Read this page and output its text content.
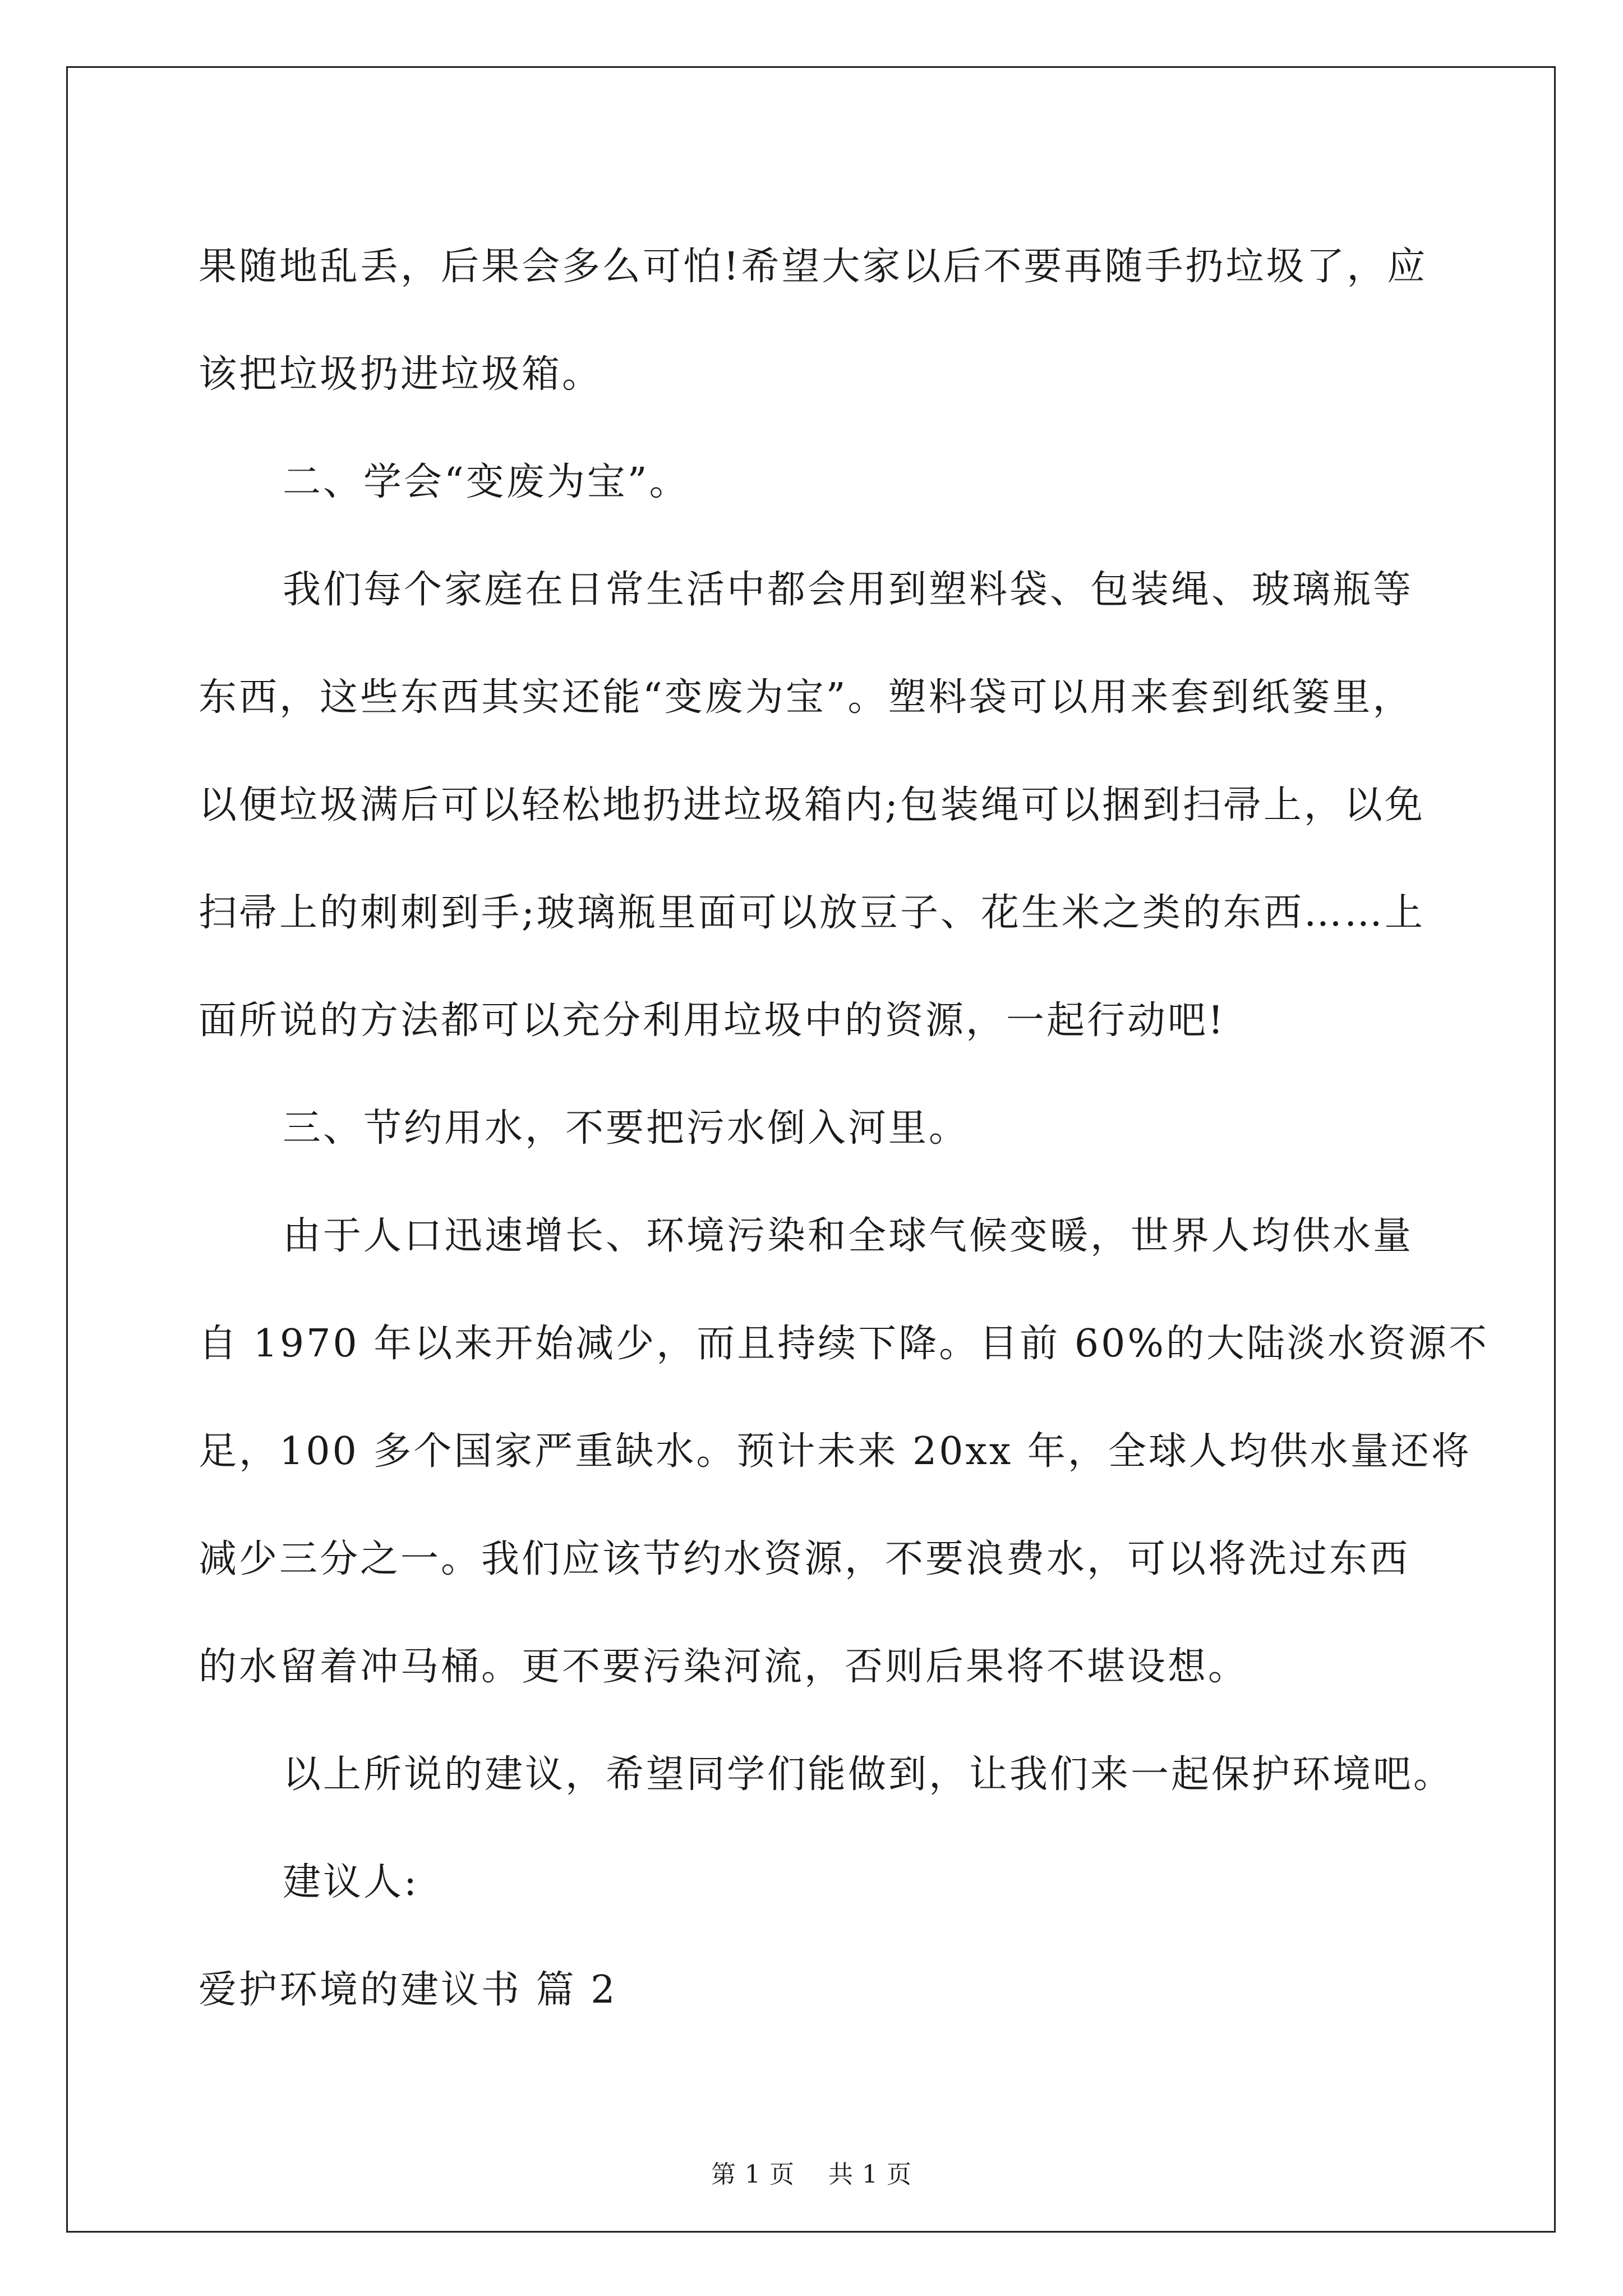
果随地乱丢，后果会多么可怕!希望大家以后不要再随手扔垃圾了，应
该把垃圾扔进垃圾箱。
二、学会“变废为宝”。
我们每个家庭在日常生活中都会用到塑料袋、包装绳、玻璃瓶等
东西，这些东西其实还能“变废为宝”。塑料袋可以用来套到纸篓里，
以便垃圾满后可以轻松地扔进垃圾箱内;包装绳可以捆到扫帚上，以免
扫帚上的刺刺到手;玻璃瓶里面可以放豆子、花生米之类的东西……上
面所说的方法都可以充分利用垃圾中的资源，一起行动吧!
三、节约用水，不要把污水倒入河里。
由于人口迅速增长、环境污染和全球气候变暖，世界人均供水量
自 1970 年以来开始减少，而且持续下降。目前 60%的大陆淡水资源不
足，100 多个国家严重缺水。预计未来 20xx 年，全球人均供水量还将
减少三分之一。我们应该节约水资源，不要浪费水，可以将洗过东西
的水留着冲马桶。更不要污染河流，否则后果将不堪设想。
以上所说的建议，希望同学们能做到，让我们来一起保护环境吧。
建议人:
爱护环境的建议书 篇 2
第 1 页 共 1 页
